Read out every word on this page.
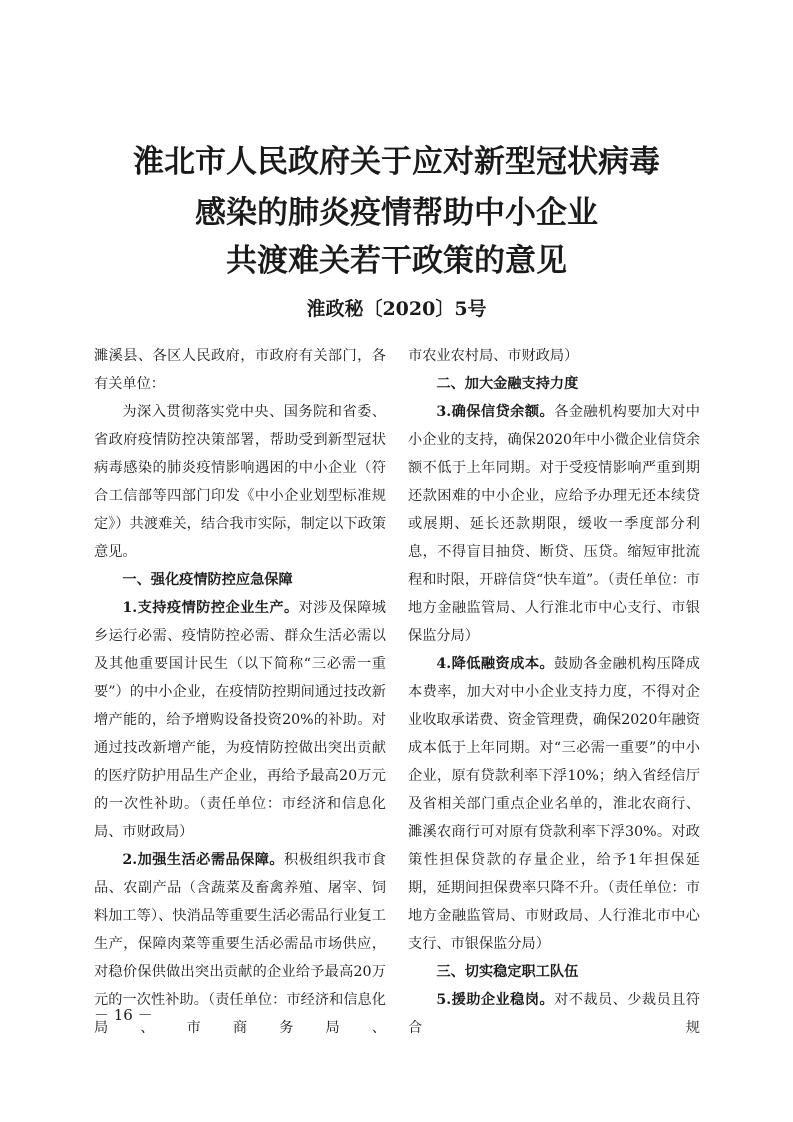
淮北市人民政府关于应对新型冠状病毒
感染的肺炎疫情帮助中小企业
共渡难关若干政策的意见
淮政秘〔2020〕5号

濉溪县、各区人民政府，市政府有关部门，各有关单位：

为深入贯彻落实党中央、国务院和省委、省政府疫情防控决策部署，帮助受到新型冠状病毒感染的肺炎疫情影响遇困的中小企业（符合工信部等四部门印发《中小企业划型标准规定》）共渡难关，结合我市实际，制定以下政策意见。

一、强化疫情防控应急保障

1.支持疫情防控企业生产。对涉及保障城乡运行必需、疫情防控必需、群众生活必需以及其他重要国计民生（以下简称“三必需一重要”）的中小企业，在疫情防控期间通过技改新增产能的，给予增购设备投资20%的补助。对通过技改新增产能，为疫情防控做出突出贡献的医疗防护用品生产企业，再给予最高20万元的一次性补助。（责任单位：市经济和信息化局、市财政局）

2.加强生活必需品保障。积极组织我市食品、农副产品（含蔬菜及畜禽养殖、屠宰、饲料加工等）、快消品等重要生活必需品行业复工生产，保障肉菜等重要生活必需品市场供应，对稳价保供做出突出贡献的企业给予最高20万元的一次性补助。（责任单位：市经济和信息化局、市商务局、

市农业农村局、市财政局）

二、加大金融支持力度

3.确保信贷余额。各金融机构要加大对中小企业的支持，确保2020年中小微企业信贷余额不低于上年同期。对于受疫情影响严重到期还款困难的中小企业，应给予办理无还本续贷或展期、延长还款期限，缓收一季度部分利息，不得盲目抽贷、断贷、压贷。缩短审批流程和时限，开辟信贷“快车道”。（责任单位：市地方金融监管局、人行淮北市中心支行、市银保监分局）

4.降低融资成本。鼓励各金融机构压降成本费率，加大对中小企业支持力度，不得对企业收取承诺费、资金管理费，确保2020年融资成本低于上年同期。对“三必需一重要”的中小企业，原有贷款利率下浮10%；纳入省经信厅及省相关部门重点企业名单的，淮北农商行、濉溪农商行可对原有贷款利率下浮30%。对政策性担保贷款的存量企业，给予1年担保延期，延期间担保费率只降不升。（责任单位：市地方金融监管局、市财政局、人行淮北市中心支行、市银保监分局）

三、切实稳定职工队伍

5.援助企业稳岗。对不裁员、少裁员且符合规

－ 16 －
